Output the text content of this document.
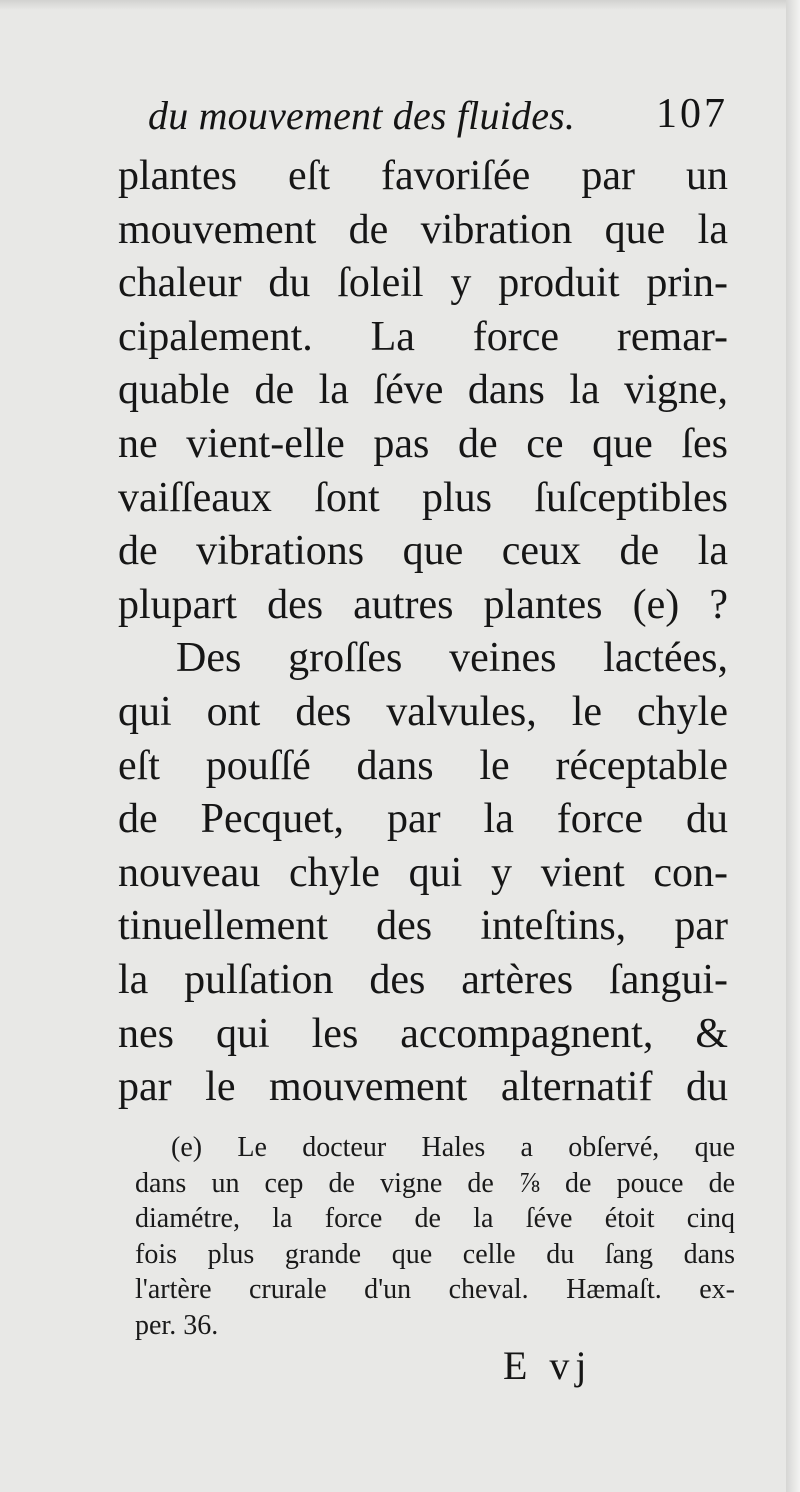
du mouvement des fluides. 107
plantes eſt favoriſée par un
mouvement de vibration que la
chaleur du ſoleil y produit prin-
cipalement. La force remar-
quable de la ſéve dans la vigne,
ne vient-elle pas de ce que ſes
vaiſſeaux ſont plus ſuſceptibles
de vibrations que ceux de la
plupart des autres plantes (e) ?
Des groſſes veines lactées,
qui ont des valvules, le chyle
eſt pouſſé dans le réceptable
de Pecquet, par la force du
nouveau chyle qui y vient con-
tinuellement des inteſtins, par
la pulſation des artères ſangui-
nes qui les accompagnent, &
par le mouvement alternatif du
(e) Le docteur Hales a obſervé, que
dans un cep de vigne de ⅞ de pouce de
diamétre, la force de la ſéve étoit cinq
fois plus grande que celle du ſang dans
l'artère crurale d'un cheval. Hæmaſt. ex-
per. 36.
E vj
